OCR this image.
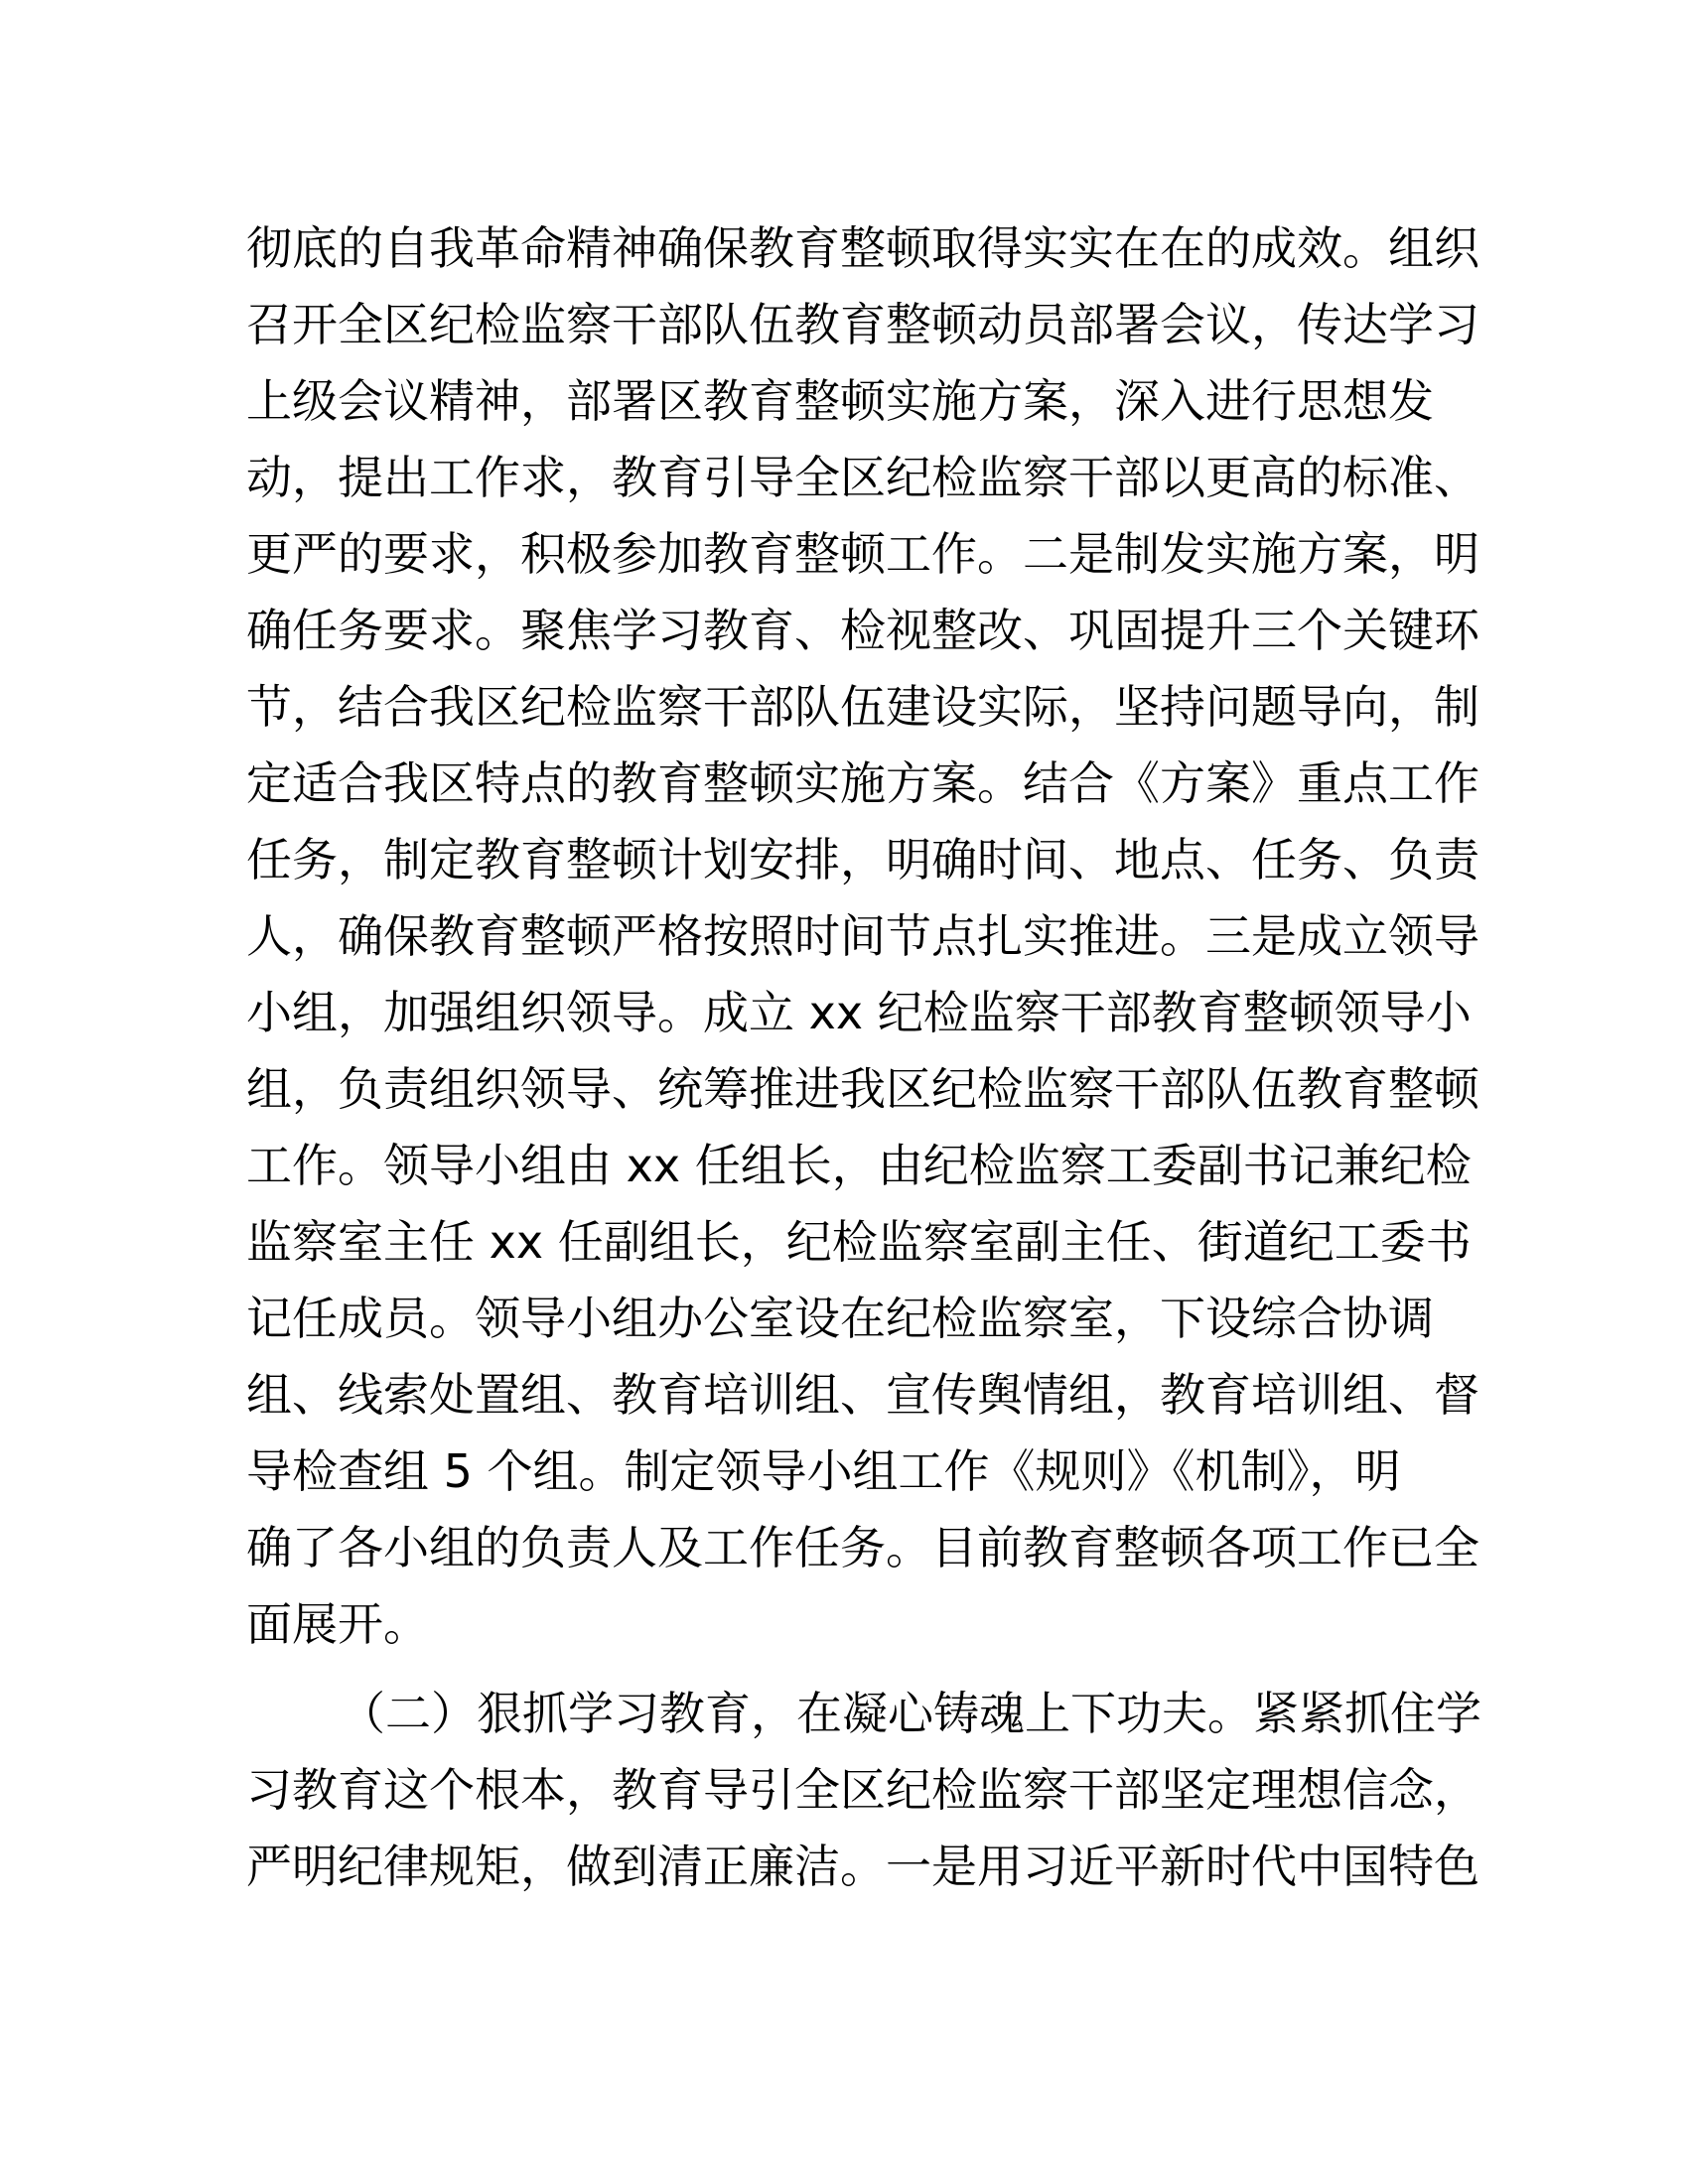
彻底的自我革命精神确保教育整顿取得实实在在的成效。组织
召开全区纪检监察干部队伍教育整顿动员部署会议，传达学习
上级会议精神，部署区教育整顿实施方案，深入进行思想发
动，提出工作求，教育引导全区纪检监察干部以更高的标准、
更严的要求，积极参加教育整顿工作。二是制发实施方案，明
确任务要求。聚焦学习教育、检视整改、巩固提升三个关键环
节，结合我区纪检监察干部队伍建设实际，坚持问题导向，制
定适合我区特点的教育整顿实施方案。结合《方案》重点工作
任务，制定教育整顿计划安排，明确时间、地点、任务、负责
人，确保教育整顿严格按照时间节点扎实推进。三是成立领导
小组，加强组织领导。成立 xx 纪检监察干部教育整顿领导小
组，负责组织领导、统筹推进我区纪检监察干部队伍教育整顿
工作。领导小组由 xx 任组长，由纪检监察工委副书记兼纪检
监察室主任 xx 任副组长，纪检监察室副主任、街道纪工委书
记任成员。领导小组办公室设在纪检监察室，下设综合协调
组、线索处置组、教育培训组、宣传舆情组，教育培训组、督
导检查组 5 个组。制定领导小组工作《规则》《机制》，明
确了各小组的负责人及工作任务。目前教育整顿各项工作已全
面展开。
（二）狠抓学习教育，在凝心铸魂上下功夫。紧紧抓住学
习教育这个根本，教育导引全区纪检监察干部坚定理想信念，
严明纪律规矩，做到清正廉洁。一是用习近平新时代中国特色
